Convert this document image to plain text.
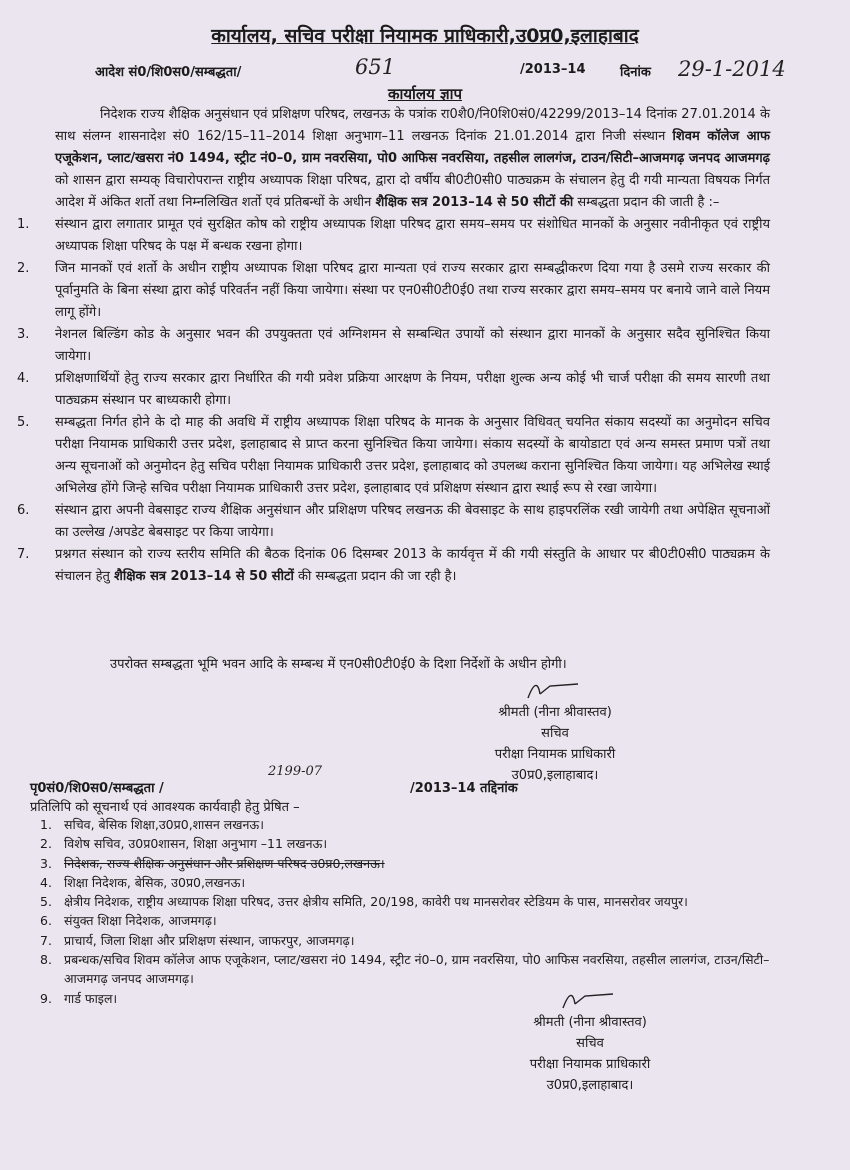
कार्यालय, सचिव परीक्षा नियामक प्राधिकारी,उ0प्र0,इलाहाबाद
आदेश सं0/शि0स0/सम्बद्धता/	651	/2013–14	दिनांक 29-1-2014
कार्यालय ज्ञाप
निदेशक राज्य शैक्षिक अनुसंधान एवं प्रशिक्षण परिषद, लखनऊ के पत्रांक रा0शै0/नि0शि0सं0/42299/2013–14 दिनांक 27.01.2014 के साथ संलग्न शासनादेश सं0 162/15–11–2014 शिक्षा अनुभाग–11 लखनऊ दिनांक 21.01.2014 द्वारा निजी संस्थान शिवम कॉलेज आफ एजूकेशन, प्लाट/खसरा नं0 1494, स्ट्रीट नं0–0, ग्राम नवरसिया, पो0 आफिस नवरसिया, तहसील लालगंज, टाउन/सिटी–आजमगढ़ जनपद आजमगढ़ को शासन द्वारा सम्यक् विचारोपरान्त राष्ट्रीय अध्यापक शिक्षा परिषद, द्वारा दो वर्षीय बी0टी0सी0 पाठ्यक्रम के संचालन हेतु दी गयी मान्यता विषयक निर्गत आदेश में अंकित शर्तो तथा निम्नलिखित शर्तो एवं प्रतिबन्धों के अधीन शैक्षिक सत्र 2013–14 से 50 सीटों की सम्बद्धता प्रदान की जाती है :–
1. संस्थान द्वारा लगातार प्रामूत एवं सुरक्षित कोष को राष्ट्रीय अध्यापक शिक्षा परिषद द्वारा समय–समय पर संशोधित मानकों के अनुसार नवीनीकृत एवं राष्ट्रीय अध्यापक शिक्षा परिषद के पक्ष में बन्धक रखना होगा।
2. जिन मानकों एवं शर्तो के अधीन राष्ट्रीय अध्यापक शिक्षा परिषद द्वारा मान्यता एवं राज्य सरकार द्वारा सम्बद्धीकरण दिया गया है उसमे राज्य सरकार की पूर्वानुमति के बिना संस्था द्वारा कोई परिवर्तन नहीं किया जायेगा। संस्था पर एन0सी0टी0ई0 तथा राज्य सरकार द्वारा समय–समय पर बनाये जाने वाले नियम लागू होंगे।
3. नेशनल बिल्डिंग कोड के अनुसार भवन की उपयुक्तता एवं अग्निशमन से सम्बन्धित उपायों को संस्थान द्वारा मानकों के अनुसार सदैव सुनिश्चित किया जायेगा।
4. प्रशिक्षणार्थियों हेतु राज्य सरकार द्वारा निर्धारित की गयी प्रवेश प्रक्रिया आरक्षण के नियम, परीक्षा शुल्क अन्य कोई भी चार्ज परीक्षा की समय सारणी तथा पाठ्यक्रम संस्थान पर बाध्यकारी होगा।
5. सम्बद्धता निर्गत होने के दो माह की अवधि में राष्ट्रीय अध्यापक शिक्षा परिषद के मानक के अनुसार विधिवत् चयनित संकाय सदस्यों का अनुमोदन सचिव परीक्षा नियामक प्राधिकारी उत्तर प्रदेश, इलाहाबाद से प्राप्त करना सुनिश्चित किया जायेगा। संकाय सदस्यों के बायोडाटा एवं अन्य समस्त प्रमाण पत्रों तथा अन्य सूचनाओं को अनुमोदन हेतु सचिव परीक्षा नियामक प्राधिकारी उत्तर प्रदेश, इलाहाबाद को उपलब्ध कराना सुनिश्चित किया जायेगा। यह अभिलेख स्थाई अभिलेख होंगे जिन्हे सचिव परीक्षा नियामक प्राधिकारी उत्तर प्रदेश, इलाहाबाद एवं प्रशिक्षण संस्थान द्वारा स्थाई रूप से रखा जायेगा।
6. संस्थान द्वारा अपनी वेबसाइट राज्य शैक्षिक अनुसंधान और प्रशिक्षण परिषद लखनऊ की बेवसाइट के साथ हाइपरलिंक रखी जायेगी तथा अपेक्षित सूचनाओं का उल्लेख /अपडेट बेबसाइट पर किया जायेगा।
7. प्रश्नगत संस्थान को राज्य स्तरीय समिति की बैठक दिनांक 06 दिसम्बर 2013 के कार्यवृत्त में की गयी संस्तुति के आधार पर बी0टी0सी0 पाठ्यक्रम के संचालन हेतु शैक्षिक सत्र 2013–14 से 50 सीटों की सम्बद्धता प्रदान की जा रही है।
उपरोक्त सम्बद्धता भूमि भवन आदि के सम्बन्ध में एन0सी0टी0ई0 के दिशा निर्देशों के अधीन होगी।
श्रीमती (नीना श्रीवास्तव)
सचिव
परीक्षा नियामक प्राधिकारी
उ0प्र0,इलाहाबाद।
पृ0सं0/शि0स0/सम्बद्धता /
2199-07
/2013–14 तद्दिनांक
प्रतिलिपि को सूचनार्थ एवं आवश्यक कार्यवाही हेतु प्रेषित –
1. सचिव, बेसिक शिक्षा,उ0प्र0,शासन लखनऊ।
2. विशेष सचिव, उ0प्र0शासन, शिक्षा अनुभाग –11 लखनऊ।
3. निदेशक, राज्य शैक्षिक अनुसंधान और प्रशिक्षण परिषद उ0प्र0,लखनऊ।
4. शिक्षा निदेशक, बेसिक, उ0प्र0,लखनऊ।
5. क्षेत्रीय निदेशक, राष्ट्रीय अध्यापक शिक्षा परिषद, उत्तर क्षेत्रीय समिति, 20/198, कावेरी पथ मानसरोवर स्टेडियम के पास, मानसरोवर जयपुर।
6. संयुक्त शिक्षा निदेशक, आजमगढ़।
7. प्राचार्य, जिला शिक्षा और प्रशिक्षण संस्थान, जाफरपुर, आजमगढ़।
8. प्रबन्धक/सचिव शिवम कॉलेज आफ एजूकेशन, प्लाट/खसरा नं0 1494, स्ट्रीट नं0–0, ग्राम नवरसिया, पो0 आफिस नवरसिया, तहसील लालगंज, टाउन/सिटी–आजमगढ़ जनपद आजमगढ़।
9. गार्ड फाइल।
श्रीमती (नीना श्रीवास्तव)
सचिव
परीक्षा नियामक प्राधिकारी
उ0प्र0,इलाहाबाद।
